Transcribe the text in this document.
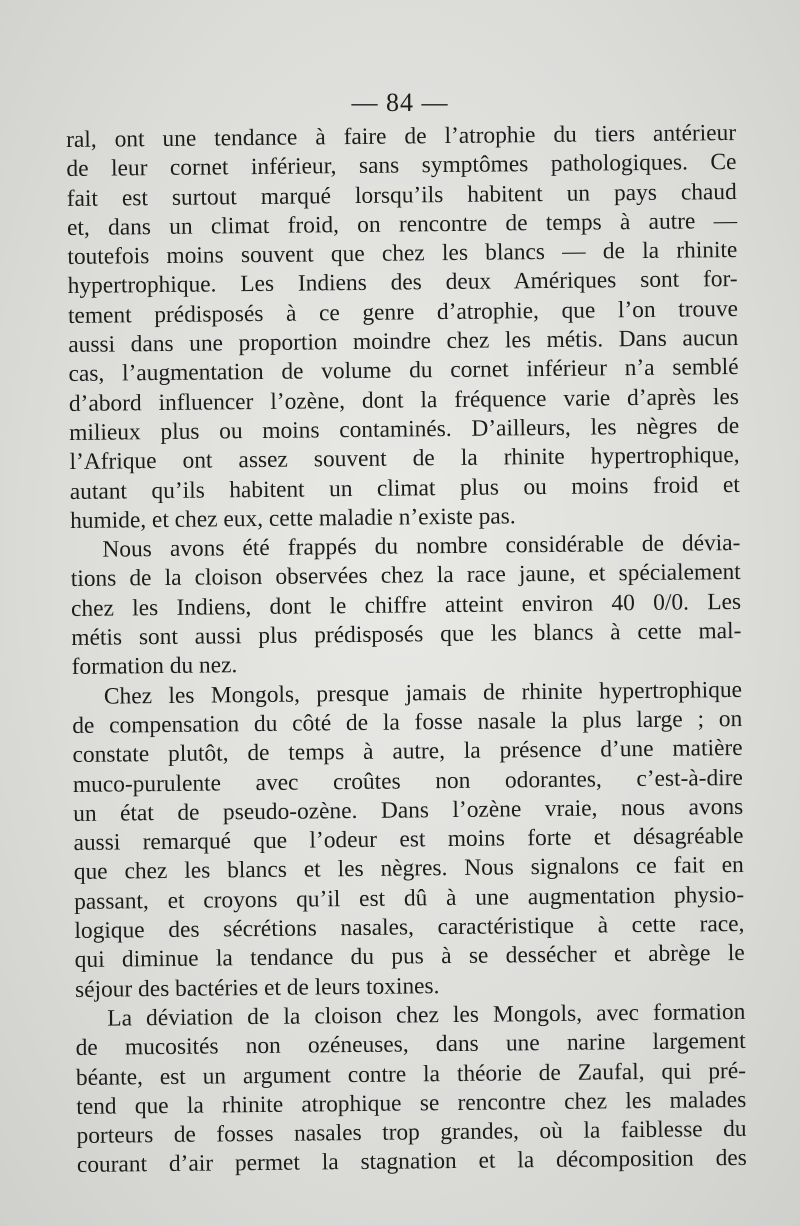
— 84 —

ral, ont une tendance à faire de l’atrophie du tiers antérieur
de leur cornet inférieur, sans symptômes pathologiques. Ce
fait est surtout marqué lorsqu’ils habitent un pays chaud
et, dans un climat froid, on rencontre de temps à autre —
toutefois moins souvent que chez les blancs — de la rhinite
hypertrophique. Les Indiens des deux Amériques sont for-
tement prédisposés à ce genre d’atrophie, que l’on trouve
aussi dans une proportion moindre chez les métis. Dans aucun
cas, l’augmentation de volume du cornet inférieur n’a semblé
d’abord influencer l’ozène, dont la fréquence varie d’après les
milieux plus ou moins contaminés. D’ailleurs, les nègres de
l’Afrique ont assez souvent de la rhinite hypertrophique,
autant qu’ils habitent un climat plus ou moins froid et
humide, et chez eux, cette maladie n’existe pas.

Nous avons été frappés du nombre considérable de dévia-
tions de la cloison observées chez la race jaune, et spécialement
chez les Indiens, dont le chiffre atteint environ 40 0/0. Les
métis sont aussi plus prédisposés que les blancs à cette mal-
formation du nez.

Chez les Mongols, presque jamais de rhinite hypertrophique
de compensation du côté de la fosse nasale la plus large ; on
constate plutôt, de temps à autre, la présence d’une matière
muco-purulente avec croûtes non odorantes, c’est-à-dire
un état de pseudo-ozène. Dans l’ozène vraie, nous avons
aussi remarqué que l’odeur est moins forte et désagréable
que chez les blancs et les nègres. Nous signalons ce fait en
passant, et croyons qu’il est dû à une augmentation physio-
logique des sécrétions nasales, caractéristique à cette race,
qui diminue la tendance du pus à se dessécher et abrège le
séjour des bactéries et de leurs toxines.

La déviation de la cloison chez les Mongols, avec formation
de mucosités non ozéneuses, dans une narine largement
béante, est un argument contre la théorie de Zaufal, qui pré-
tend que la rhinite atrophique se rencontre chez les malades
porteurs de fosses nasales trop grandes, où la faiblesse du
courant d’air permet la stagnation et la décomposition des
